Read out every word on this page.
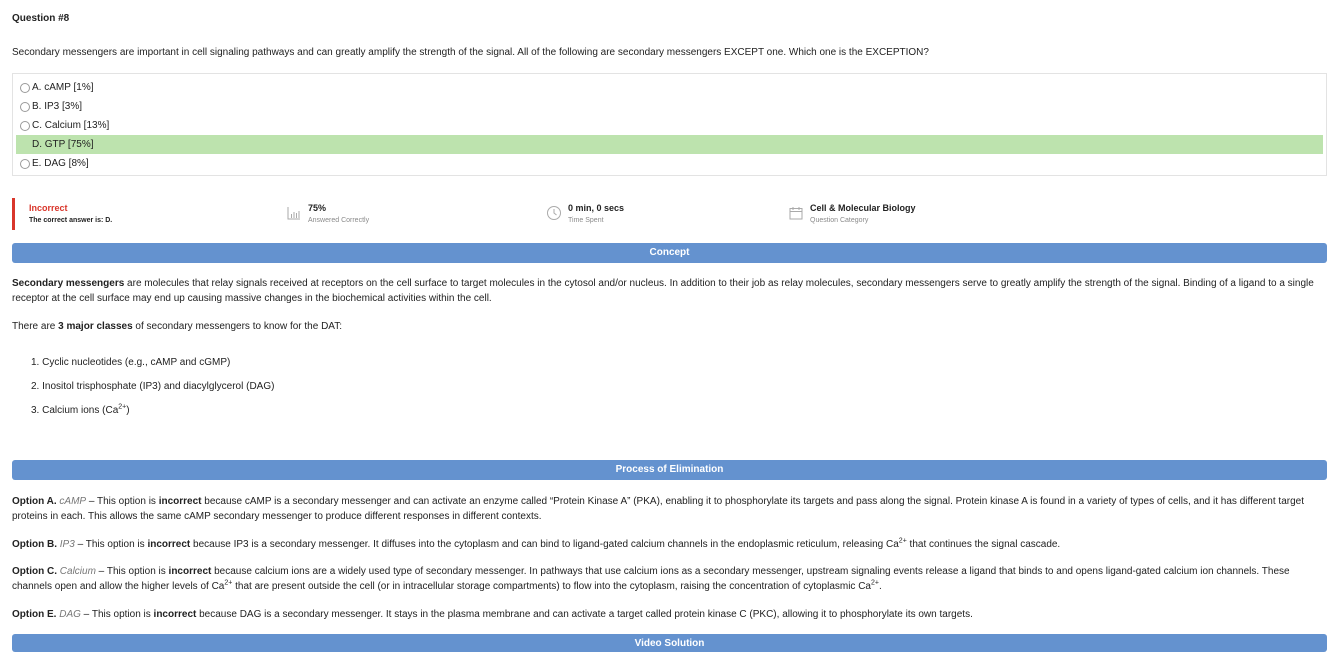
Question #8
Secondary messengers are important in cell signaling pathways and can greatly amplify the strength of the signal. All of the following are secondary messengers EXCEPT one. Which one is the EXCEPTION?
A. cAMP [1%]
B. IP3 [3%]
C. Calcium [13%]
D. GTP [75%]
E. DAG [8%]
Incorrect
The correct answer is: D.
75%
Answered Correctly
0 min, 0 secs
Time Spent
Cell & Molecular Biology
Question Category
Concept
Secondary messengers are molecules that relay signals received at receptors on the cell surface to target molecules in the cytosol and/or nucleus. In addition to their job as relay molecules, secondary messengers serve to greatly amplify the strength of the signal. Binding of a ligand to a single receptor at the cell surface may end up causing massive changes in the biochemical activities within the cell.
There are 3 major classes of secondary messengers to know for the DAT:
1. Cyclic nucleotides (e.g., cAMP and cGMP)
2. Inositol trisphosphate (IP3) and diacylglycerol (DAG)
3. Calcium ions $(Ca^{2+})$
Process of Elimination
Option A. cAMP – This option is incorrect because cAMP is a secondary messenger and can activate an enzyme called “Protein Kinase A” (PKA), enabling it to phosphorylate its targets and pass along the signal. Protein kinase A is found in a variety of types of cells, and it has different target proteins in each. This allows the same cAMP secondary messenger to produce different responses in different contexts.
Option B. IP3 – This option is incorrect because IP3 is a secondary messenger. It diffuses into the cytoplasm and can bind to ligand-gated calcium channels in the endoplasmic reticulum, releasing $Ca^{2+}$ that continues the signal cascade.
Option C. Calcium – This option is incorrect because calcium ions are a widely used type of secondary messenger. In pathways that use calcium ions as a secondary messenger, upstream signaling events release a ligand that binds to and opens ligand-gated calcium ion channels. These channels open and allow the higher levels of $Ca^{2+}$ that are present outside the cell (or in intracellular storage compartments) to flow into the cytoplasm, raising the concentration of cytoplasmic $Ca^{2+}$.
Option E. DAG – This option is incorrect because DAG is a secondary messenger. It stays in the plasma membrane and can activate a target called protein kinase C (PKC), allowing it to phosphorylate its own targets.
Video Solution
